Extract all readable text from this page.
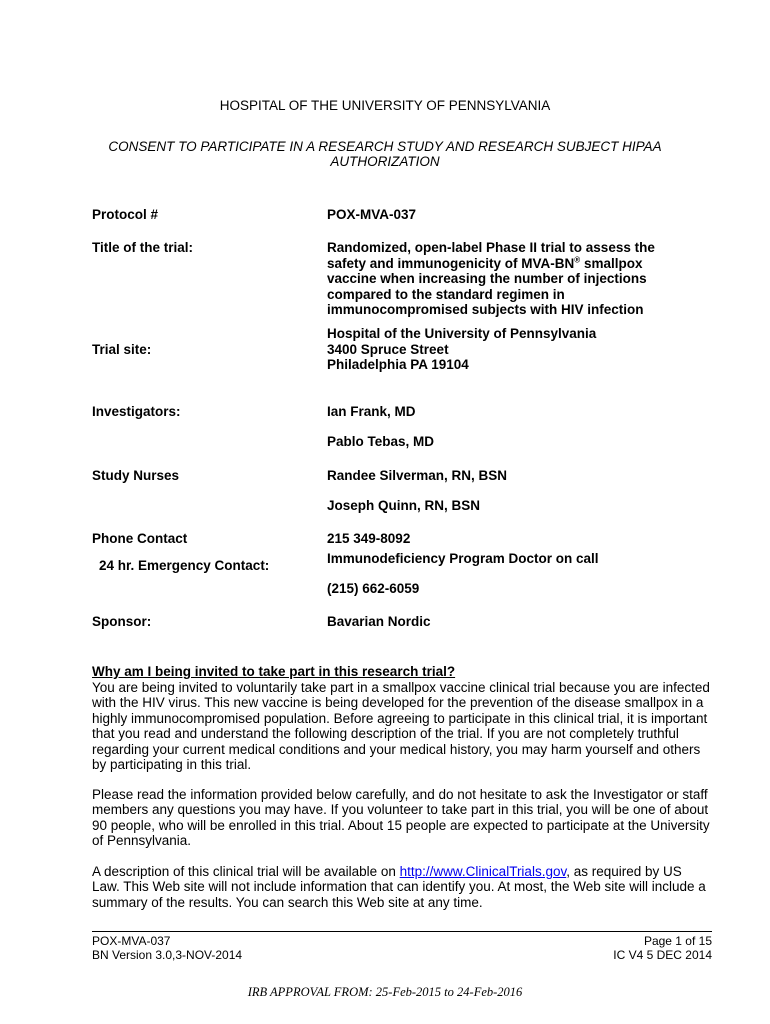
HOSPITAL OF THE UNIVERSITY OF PENNSYLVANIA
CONSENT TO PARTICIPATE IN A RESEARCH STUDY AND RESEARCH SUBJECT HIPAA
AUTHORIZATION
Protocol #	POX-MVA-037
Title of the trial:	Randomized, open-label Phase II trial to assess the safety and immunogenicity of MVA-BN® smallpox vaccine when increasing the number of injections compared to the standard regimen in immunocompromised subjects with HIV infection
Trial site:
Hospital of the University of Pennsylvania
3400 Spruce Street
Philadelphia PA 19104
Investigators:	Ian Frank, MD
Pablo Tebas, MD
Study Nurses	Randee Silverman, RN, BSN
Joseph Quinn, RN, BSN
Phone Contact	215 349-8092
24 hr. Emergency Contact:	Immunodeficiency Program Doctor on call
(215) 662-6059
Sponsor:	Bavarian Nordic
Why am I being invited to take part in this research trial?

You are being invited to voluntarily take part in a smallpox vaccine clinical trial because you are infected with the HIV virus. This new vaccine is being developed for the prevention of the disease smallpox in a highly immunocompromised population. Before agreeing to participate in this clinical trial, it is important that you read and understand the following description of the trial. If you are not completely truthful regarding your current medical conditions and your medical history, you may harm yourself and others by participating in this trial.

Please read the information provided below carefully, and do not hesitate to ask the Investigator or staff members any questions you may have. If you volunteer to take part in this trial, you will be one of about 90 people, who will be enrolled in this trial. About 15 people are expected to participate at the University of Pennsylvania.

A description of this clinical trial will be available on http://www.ClinicalTrials.gov, as required by US Law. This Web site will not include information that can identify you. At most, the Web site will include a summary of the results. You can search this Web site at any time.

POX-MVA-037
BN Version 3.0,3-NOV-2014
Page 1 of 15
IC V4 5 DEC 2014
IRB APPROVAL FROM: 25-Feb-2015 to 24-Feb-2016
